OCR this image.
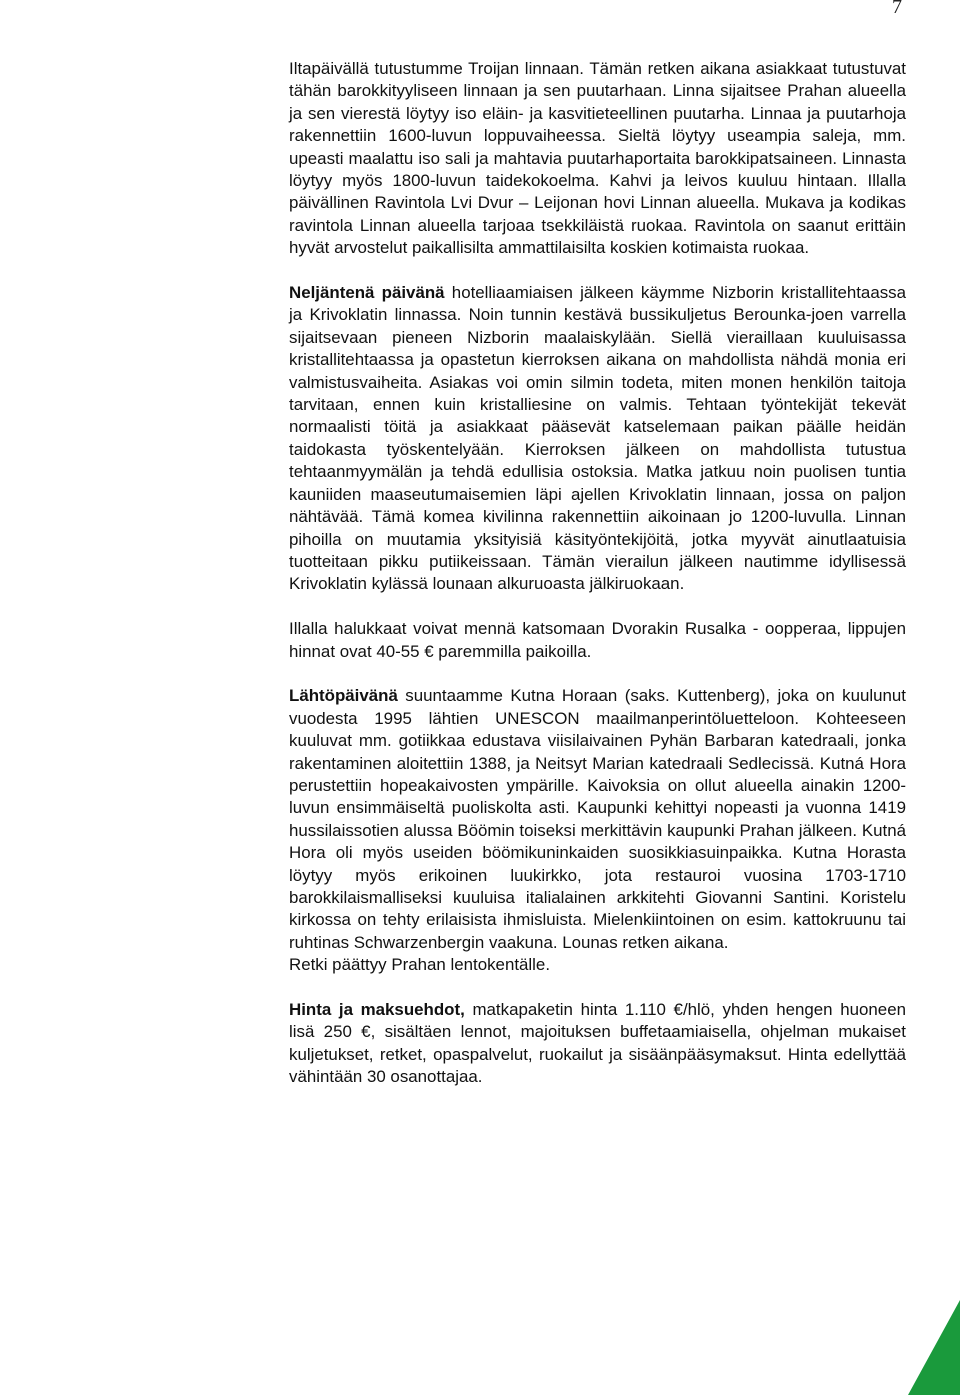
7

Iltapäivällä tutustumme Troijan linnaan. Tämän retken aikana asiakkaat tutustuvat tähän barokkityyliseen linnaan ja sen puutarhaan. Linna sijaitsee Prahan alueella ja sen vierestä löytyy iso eläin- ja kasvitieteellinen puutarha. Linnaa ja puutarhoja rakennettiin 1600-luvun loppuvaiheessa. Sieltä löytyy useampia saleja, mm. upeasti maalattu iso sali ja mahtavia puutarhaportaita barokkipatsaineen. Linnasta löytyy myös 1800-luvun taidekokoelma. Kahvi ja leivos kuuluu hintaan. Illalla päivällinen Ravintola Lvi Dvur – Leijonan hovi Linnan alueella. Mukava ja kodikas ravintola Linnan alueella tarjoaa tsekkiläistä ruokaa. Ravintola on saanut erittäin hyvät arvostelut paikallisilta ammattilaisilta koskien kotimaista ruokaa.

Neljäntenä päivänä hotelliaamiaisen jälkeen käymme Nizborin kristallitehtaassa ja Krivoklatin linnassa. Noin tunnin kestävä bussikuljetus Berounka-joen varrella sijaitsevaan pieneen Nizborin maalaiskylään. Siellä vieraillaan kuuluisassa kristallitehtaassa ja opastetun kierroksen aikana on mahdollista nähdä monia eri valmistusvaiheita. Asiakas voi omin silmin todeta, miten monen henkilön taitoja tarvitaan, ennen kuin kristalliesine on valmis. Tehtaan työntekijät tekevät normaalisti töitä ja asiakkaat pääsevät katselemaan paikan päälle heidän taidokasta työskentelyään. Kierroksen jälkeen on mahdollista tutustua tehtaanmyymälän ja tehdä edullisia ostoksia. Matka jatkuu noin puolisen tuntia kauniiden maaseutumaisemien läpi ajellen Krivoklatin linnaan, jossa on paljon nähtävää. Tämä komea kivilinna rakennettiin aikoinaan jo 1200-luvulla. Linnan pihoilla on muutamia yksityisiä käsityöntekijöitä, jotka myyvät ainutlaatuisia tuotteitaan pikku putiikeissaan. Tämän vierailun jälkeen nautimme idyllisessä Krivoklatin kylässä lounaan alkuruoasta jälkiruokaan.

Illalla halukkaat voivat mennä katsomaan Dvorakin Rusalka - oopperaa, lippujen hinnat ovat 40-55 € paremmilla paikoilla.

Lähtöpäivänä suuntaamme Kutna Horaan (saks. Kuttenberg), joka on kuulunut vuodesta 1995 lähtien UNESCON maailmanperintöluetteloon. Kohteeseen kuuluvat mm. gotiikkaa edustava viisilaivainen Pyhän Barbaran katedraali, jonka rakentaminen aloitettiin 1388, ja Neitsyt Marian katedraali Sedlecissä. Kutná Hora perustettiin hopeakaivosten ympärille. Kaivoksia on ollut alueella ainakin 1200-luvun ensimmäiseltä puoliskolta asti. Kaupunki kehittyi nopeasti ja vuonna 1419 hussilaissotien alussa Böömin toiseksi merkittävin kaupunki Prahan jälkeen. Kutná Hora oli myös useiden böömikuninkaiden suosikkiasuinpaikka. Kutna Horasta löytyy myös erikoinen luukirkko, jota restauroi vuosina 1703-1710 barokkilaismalliseksi kuuluisa italialainen arkkitehti Giovanni Santini. Koristelu kirkossa on tehty erilaisista ihmisluista. Mielenkiintoinen on esim. kattokruunu tai ruhtinas Schwarzenbergin vaakuna. Lounas retken aikana.

Retki päättyy Prahan lentokentälle.

Hinta ja maksuehdot, matkapaketin hinta 1.110 €/hlö, yhden hengen huoneen lisä 250 €, sisältäen lennot, majoituksen buffetaamiaisella, ohjelman mukaiset kuljetukset, retket, opaspalvelut, ruokailut ja sisäänpääsymaksut. Hinta edellyttää vähintään 30 osanottajaa.
